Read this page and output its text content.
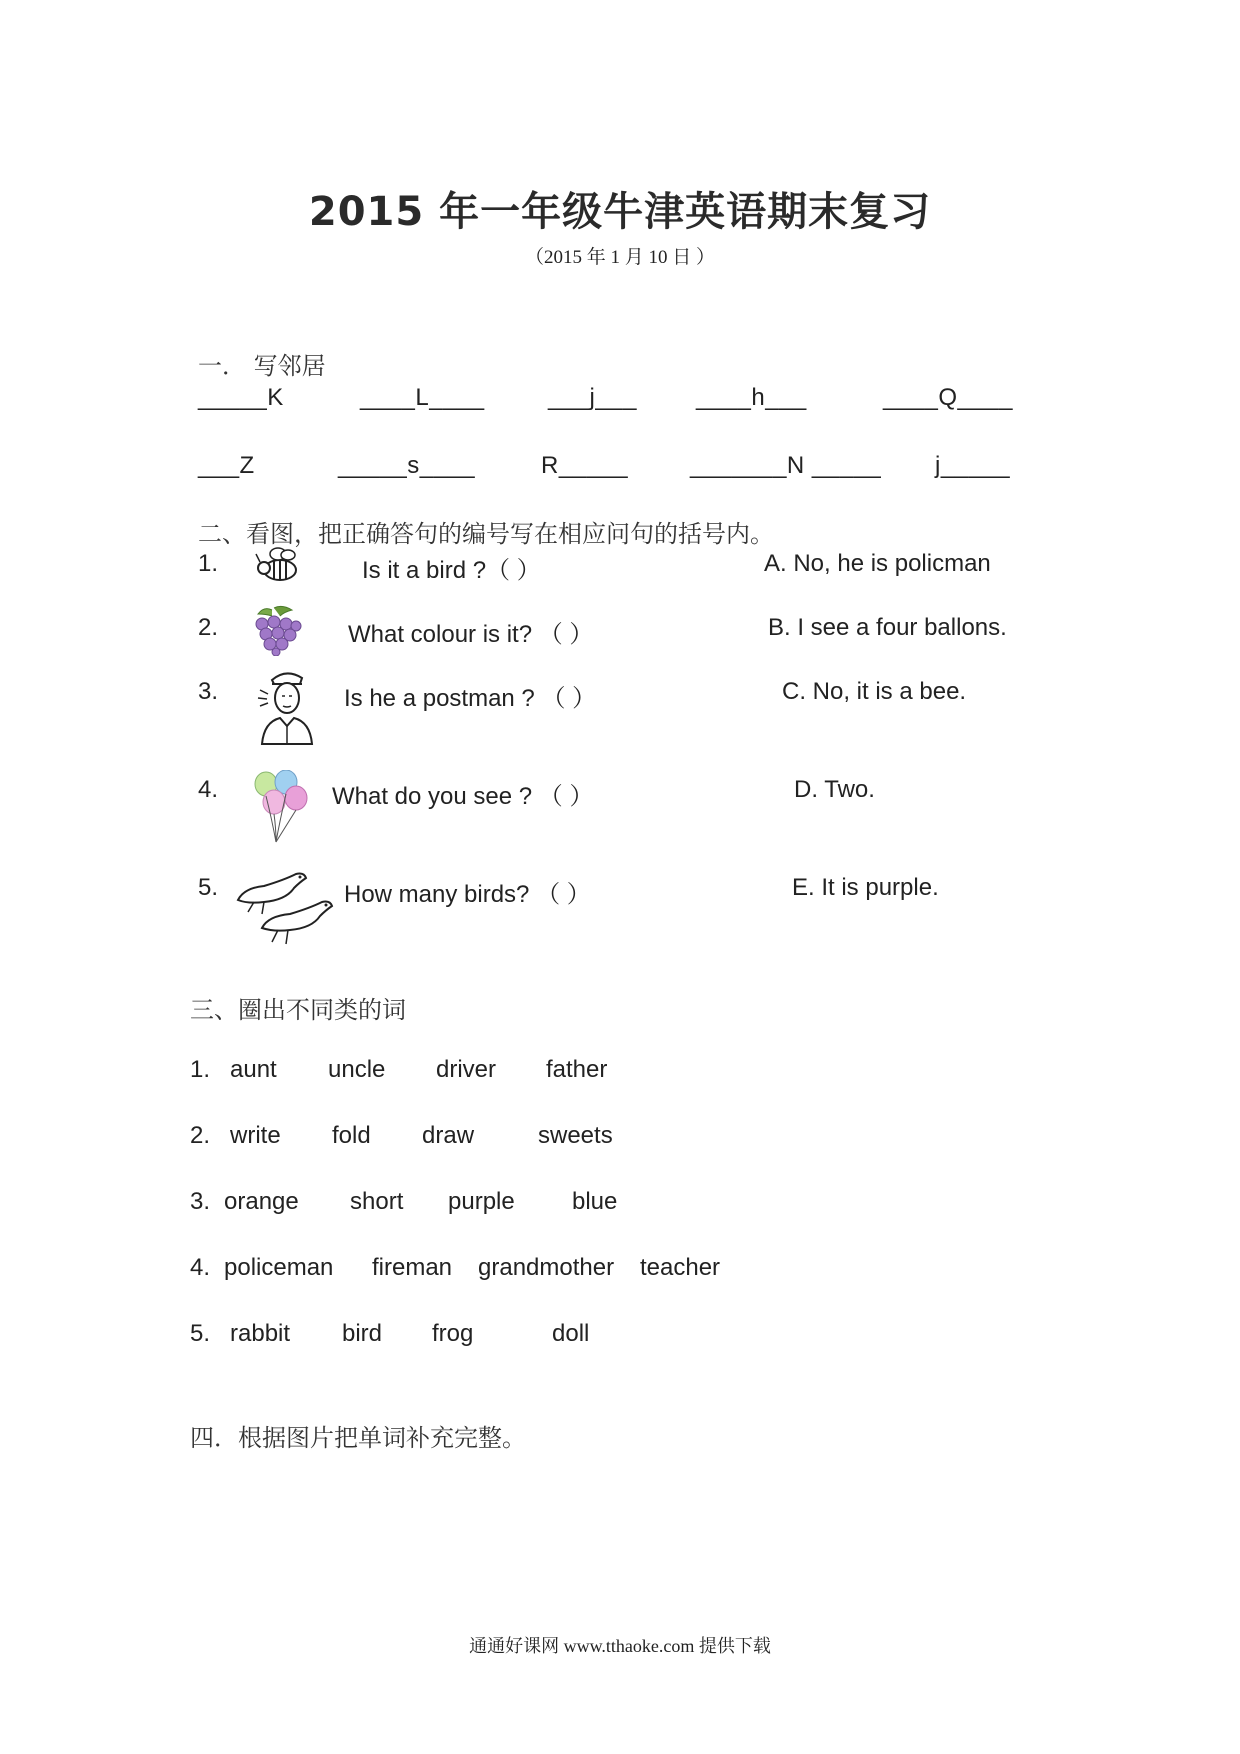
2015 年一年级牛津英语期末复习
（2015 年 1 月 10 日 ）
一． 写邻居
_____K	____L____	___j___ ____h___	____Q____
___Z	_____s____	R_____	_______N _____ j_____
二、看图，把正确答句的编号写在相应问句的括号内。
1.	Is it a bird ?（ ）	A. No, he is policman
2.	What colour is it? （ ）	B. I see a four ballons.
3.	Is he a postman ? （ ）	C. No, it is a bee.
4.	What do you see ? （ ）	D. Two.
5.	How many birds? （ ）	E. It is purple.
三、圈出不同类的词
1. aunt uncle driver father
2. write fold draw	sweets
3. orange short purple blue
4. policeman fireman grandmother teacher
5. rabbit bird frog	doll
四．根据图片把单词补充完整。
通通好课网 www.tthaoke.com 提供下载
